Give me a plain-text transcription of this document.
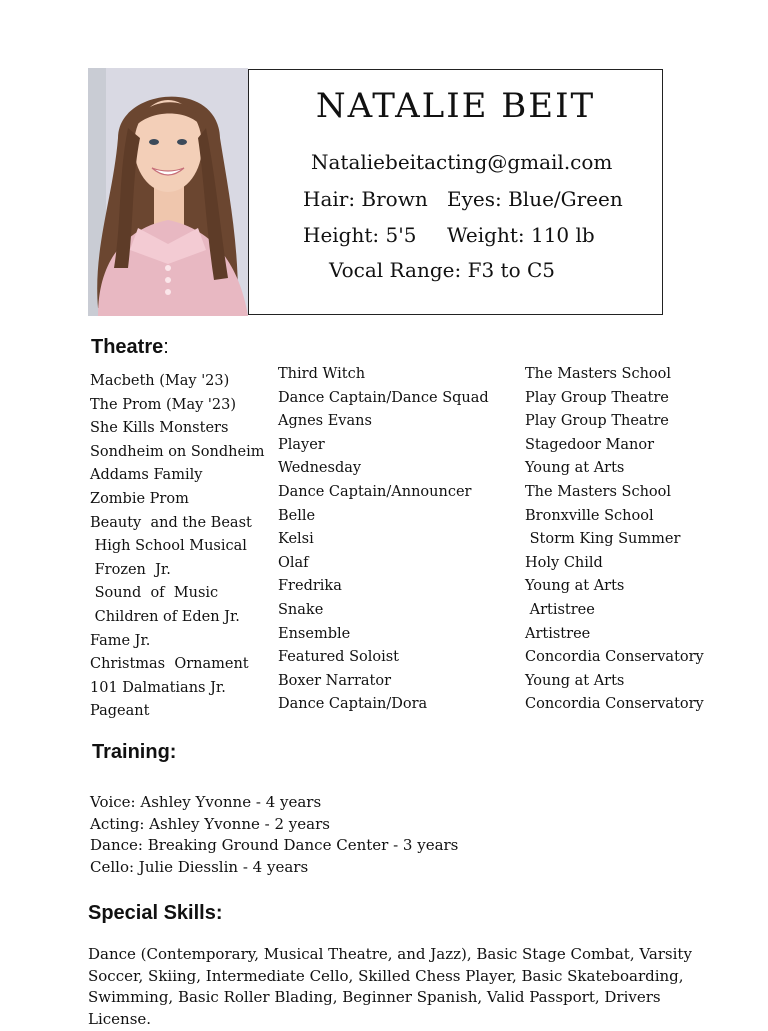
NATALIE BEIT
Nataliebeitacting@gmail.com
Hair: Brown Eyes: Blue/Green
Height: 5'5 Weight: 110 lb
Vocal Range: F3 to C5
Theatre:
Macbeth (May '23)
The Prom (May '23)
She Kills Monsters
Sondheim on Sondheim
Addams Family
Zombie Prom
Beauty  and the Beast
High School Musical
Frozen  Jr.
Sound  of  Music
Children of Eden Jr.
Fame Jr.
Christmas  Ornament
101 Dalmatians Jr.
Pageant
Third Witch
Dance Captain/Dance Squad
Agnes Evans
Player
Wednesday
Dance Captain/Announcer
Belle
Kelsi
Olaf
Fredrika
Snake
Ensemble
Featured Soloist
Boxer Narrator
Dance Captain/Dora
The Masters School
Play Group Theatre
Play Group Theatre
Stagedoor Manor
Young at Arts
The Masters School
Bronxville School
Storm King Summer
Holy Child
Young at Arts
Artistree
Artistree
Concordia Conservatory
Young at Arts
Concordia Conservatory
Training:
Voice: Ashley Yvonne - 4 years
Acting: Ashley Yvonne - 2 years
Dance: Breaking Ground Dance Center - 3 years
Cello: Julie Diesslin - 4 years
Special Skills:

Dance (Contemporary, Musical Theatre, and Jazz), Basic Stage Combat, Varsity Soccer, Skiing, Intermediate Cello, Skilled Chess Player, Basic Skateboarding, Swimming, Basic Roller Blading, Beginner Spanish, Valid Passport, Drivers License.
